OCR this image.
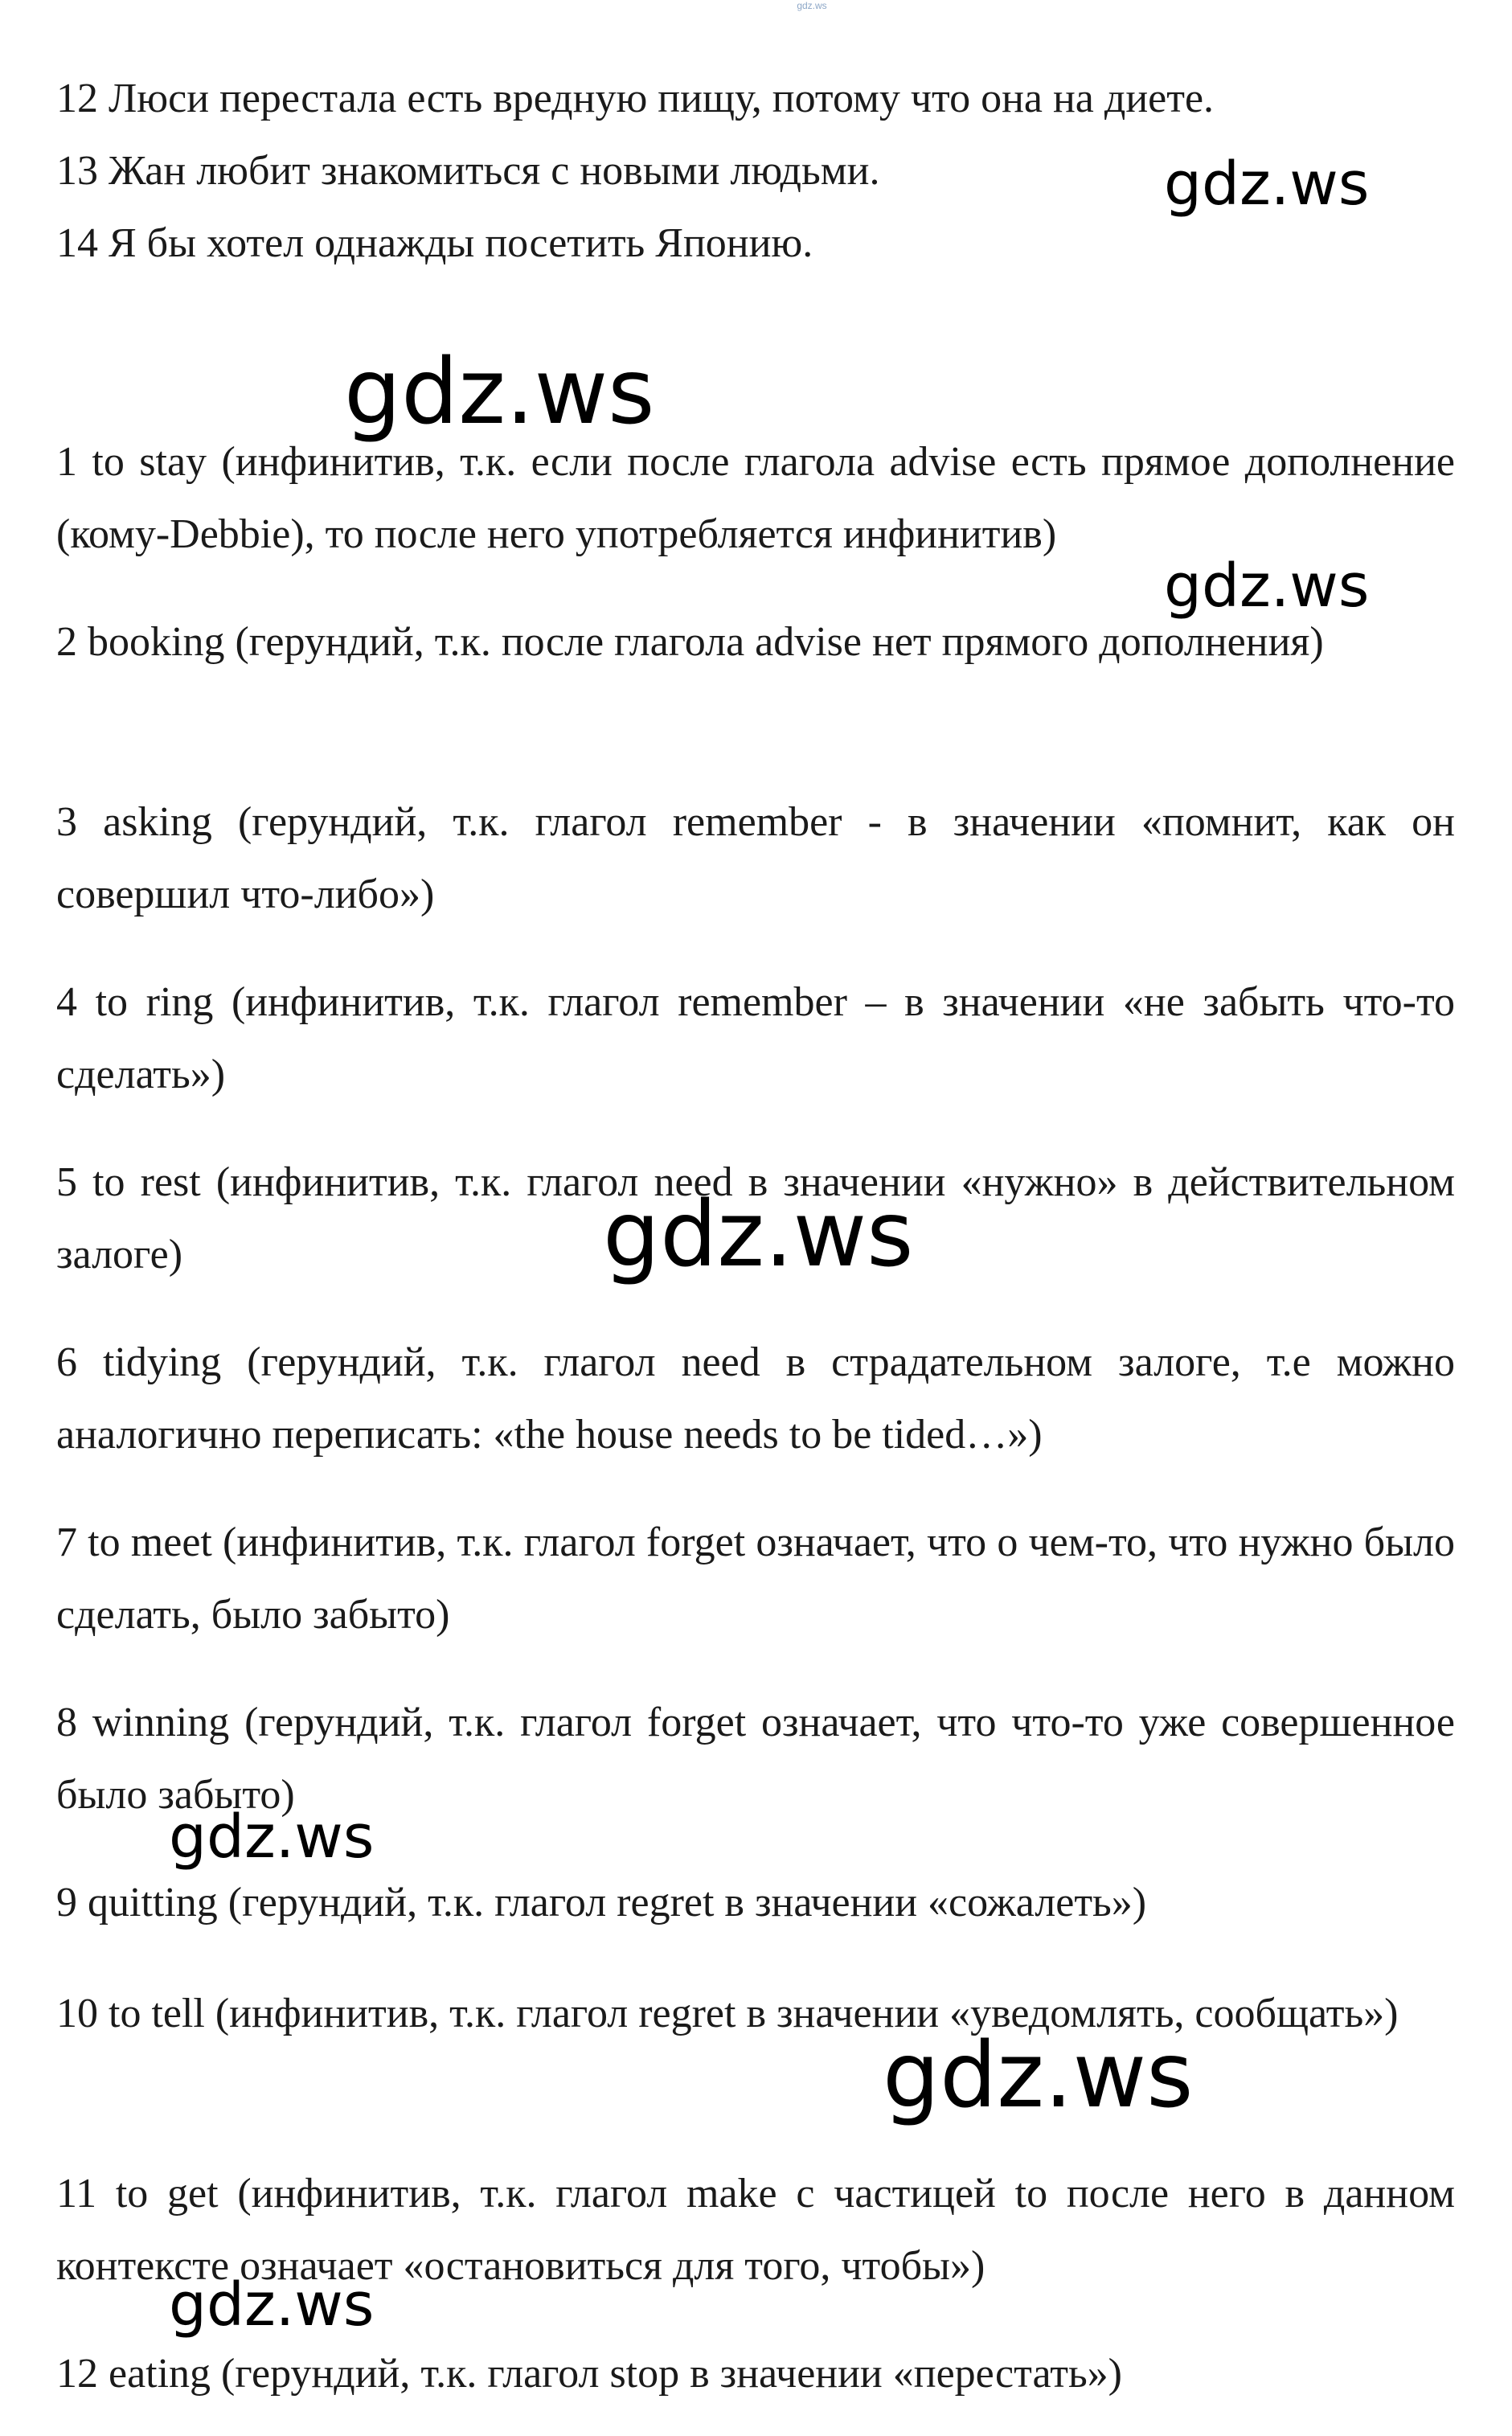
gdz.ws

12 Люси перестала есть вредную пищу, потому что она на диете.

13 Жан любит знакомиться с новыми людьми.

14 Я бы хотел однажды посетить Японию.

1 to stay (инфинитив, т.к. если после глагола advise есть прямое дополнение (кому-Debbie), то после него употребляется инфинитив)

2 booking (герундий, т.к. после глагола advise нет прямого дополнения)

3 asking (герундий, т.к. глагол remember - в значении «помнит, как он совершил что-либо»)

4 to ring (инфинитив, т.к. глагол remember – в значении «не забыть что-то сделать»)

5 to rest (инфинитив, т.к. глагол need в значении «нужно» в действительном залоге)

6 tidying (герундий, т.к. глагол need в страдательном залоге, т.е можно аналогично переписать: «the house needs to be tided…»)

7 to meet (инфинитив, т.к. глагол forget означает, что о чем-то, что нужно было сделать, было забыто)

8 winning (герундий, т.к. глагол forget означает, что что-то уже совершенное было забыто)

9 quitting (герундий, т.к. глагол regret в значении «сожалеть»)

10 to tell (инфинитив, т.к. глагол regret в значении «уведомлять, сообщать»)

11 to get (инфинитив, т.к. глагол make с частицей to после него в данном контексте означает «остановиться для того, чтобы»)

12 eating (герундий, т.к. глагол stop в значении «перестать»)

gdz.ws
gdz.ws
gdz.ws
gdz.ws
gdz.ws
gdz.ws
gdz.ws
